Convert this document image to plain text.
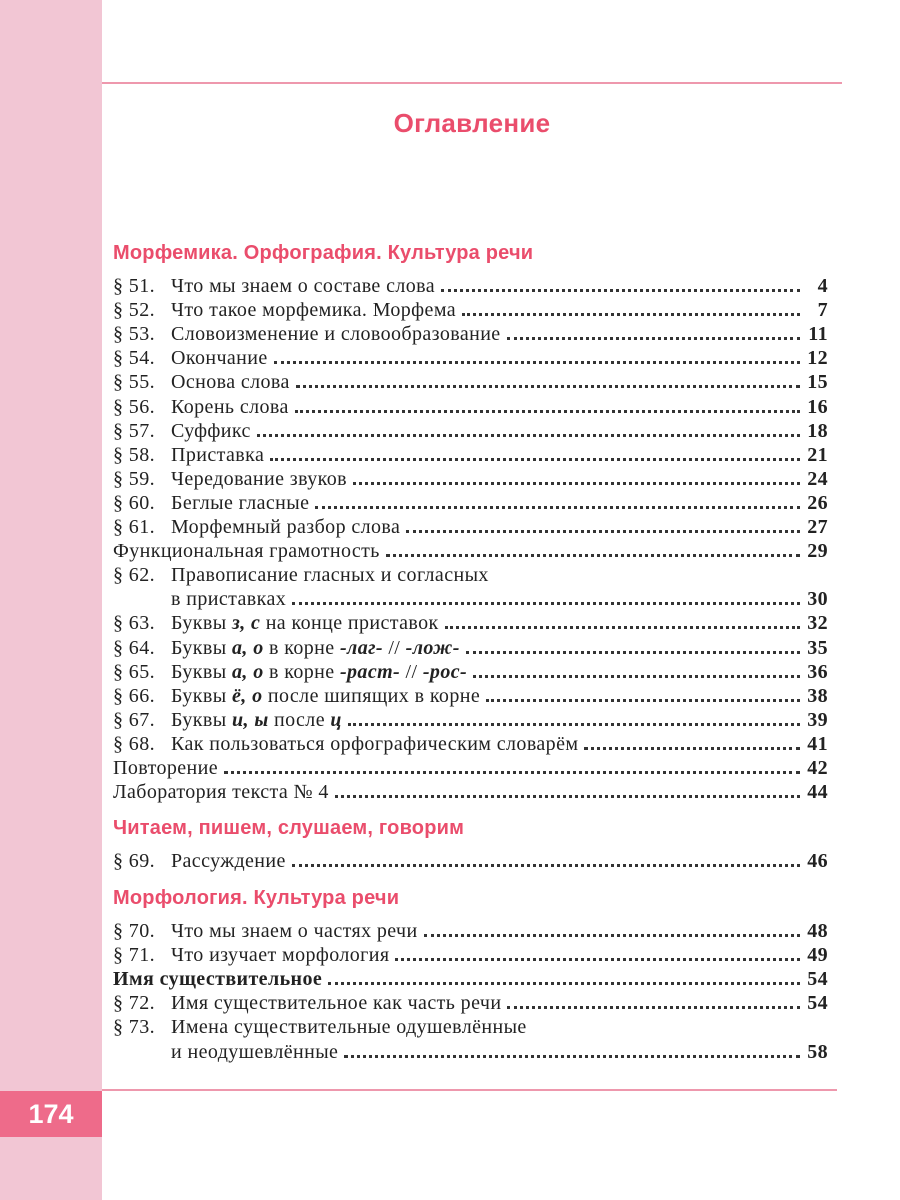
174
Оглавление
Морфемика. Орфография. Культура речи
§ 51. Что мы знаем о составе слова	4
§ 52. Что такое морфемика. Морфема	7
§ 53. Словоизменение и словообразование	11
§ 54. Окончание	12
§ 55. Основа слова	15
§ 56. Корень слова	16
§ 57. Суффикс	18
§ 58. Приставка	21
§ 59. Чередование звуков	24
§ 60. Беглые гласные	26
§ 61. Морфемный разбор слова	27
Функциональная грамотность	29
§ 62. Правописание гласных и согласных
в приставках	30
§ 63. Буквы з, с на конце приставок	32
§ 64. Буквы а, о в корне -лаг- // -лож-	35
§ 65. Буквы а, о в корне -раст- // -рос-	36
§ 66. Буквы ё, о после шипящих в корне	38
§ 67. Буквы и, ы после ц	39
§ 68. Как пользоваться орфографическим словарём	41
Повторение	42
Лаборатория текста № 4	44
Читаем, пишем, слушаем, говорим
§ 69. Рассуждение	46
Морфология. Культура речи
§ 70. Что мы знаем о частях речи	48
§ 71. Что изучает морфология	49
Имя существительное	54
§ 72. Имя существительное как часть речи	54
§ 73. Имена существительные одушевлённые
и неодушевлённые	58
